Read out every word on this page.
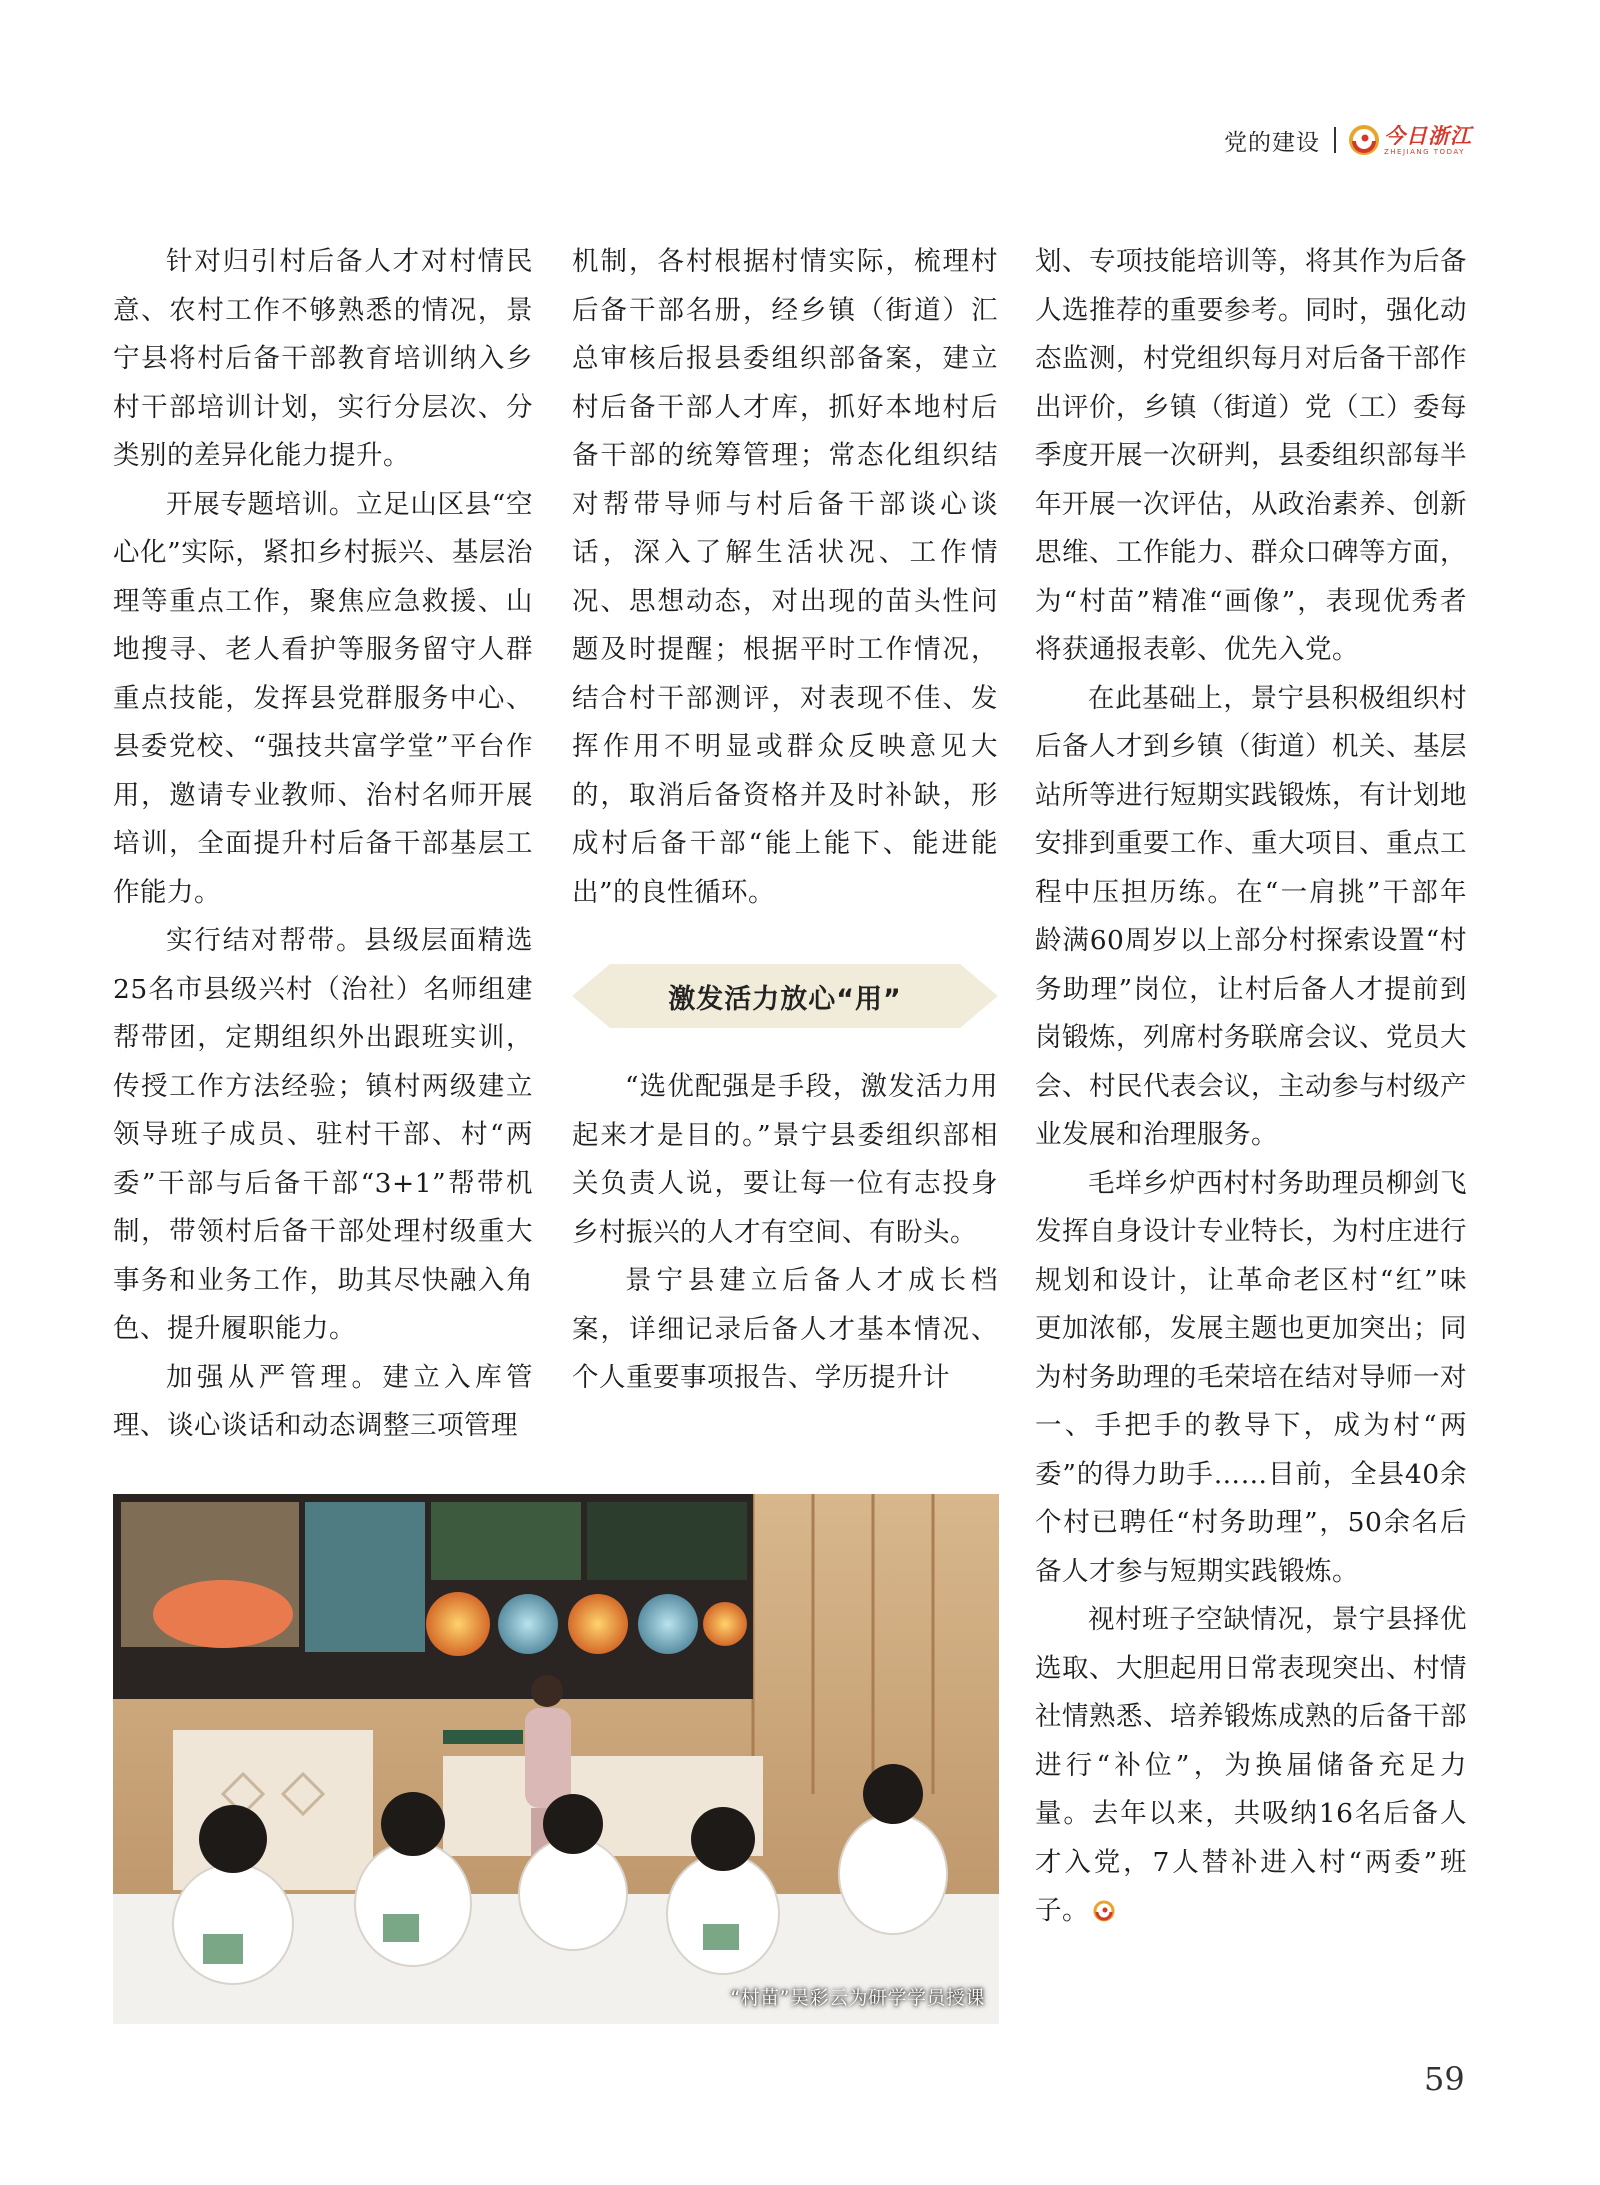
党的建设	今日浙江
ZHEJIANG TODAY

针对归引村后备人才对村情民意、农村工作不够熟悉的情况，景宁县将村后备干部教育培训纳入乡村干部培训计划，实行分层次、分类别的差异化能力提升。

开展专题培训。立足山区县“空心化”实际，紧扣乡村振兴、基层治理等重点工作，聚焦应急救援、山地搜寻、老人看护等服务留守人群重点技能，发挥县党群服务中心、县委党校、“强技共富学堂”平台作用，邀请专业教师、治村名师开展培训，全面提升村后备干部基层工作能力。

实行结对帮带。县级层面精选25名市县级兴村（治社）名师组建帮带团，定期组织外出跟班实训，传授工作方法经验；镇村两级建立领导班子成员、驻村干部、村“两委”干部与后备干部“3+1”帮带机制，带领村后备干部处理村级重大事务和业务工作，助其尽快融入角色、提升履职能力。

加强从严管理。建立入库管理、谈心谈话和动态调整三项管理

机制，各村根据村情实际，梳理村后备干部名册，经乡镇（街道）汇总审核后报县委组织部备案，建立村后备干部人才库，抓好本地村后备干部的统筹管理；常态化组织结对帮带导师与村后备干部谈心谈话，深入了解生活状况、工作情况、思想动态，对出现的苗头性问题及时提醒；根据平时工作情况，结合村干部测评，对表现不佳、发挥作用不明显或群众反映意见大的，取消后备资格并及时补缺，形成村后备干部“能上能下、能进能出”的良性循环。

激发活力放心“用”

“选优配强是手段，激发活力用起来才是目的。”景宁县委组织部相关负责人说，要让每一位有志投身乡村振兴的人才有空间、有盼头。

景宁县建立后备人才成长档案，详细记录后备人才基本情况、个人重要事项报告、学历提升计

划、专项技能培训等，将其作为后备人选推荐的重要参考。同时，强化动态监测，村党组织每月对后备干部作出评价，乡镇（街道）党（工）委每季度开展一次研判，县委组织部每半年开展一次评估，从政治素养、创新思维、工作能力、群众口碑等方面，为“村苗”精准“画像”，表现优秀者将获通报表彰、优先入党。

在此基础上，景宁县积极组织村后备人才到乡镇（街道）机关、基层站所等进行短期实践锻炼，有计划地安排到重要工作、重大项目、重点工程中压担历练。在“一肩挑”干部年龄满60周岁以上部分村探索设置“村务助理”岗位，让村后备人才提前到岗锻炼，列席村务联席会议、党员大会、村民代表会议，主动参与村级产业发展和治理服务。

毛垟乡炉西村村务助理员柳剑飞发挥自身设计专业特长，为村庄进行规划和设计，让革命老区村“红”味更加浓郁，发展主题也更加突出；同为村务助理的毛荣培在结对导师一对一、手把手的教导下，成为村“两委”的得力助手……目前，全县40余个村已聘任“村务助理”，50余名后备人才参与短期实践锻炼。

视村班子空缺情况，景宁县择优选取、大胆起用日常表现突出、村情社情熟悉、培养锻炼成熟的后备干部进行“补位”，为换届储备充足力量。去年以来，共吸纳16名后备人才入党，7人替补进入村“两委”班子。

“村苗”吴彩云为研学学员授课
59
